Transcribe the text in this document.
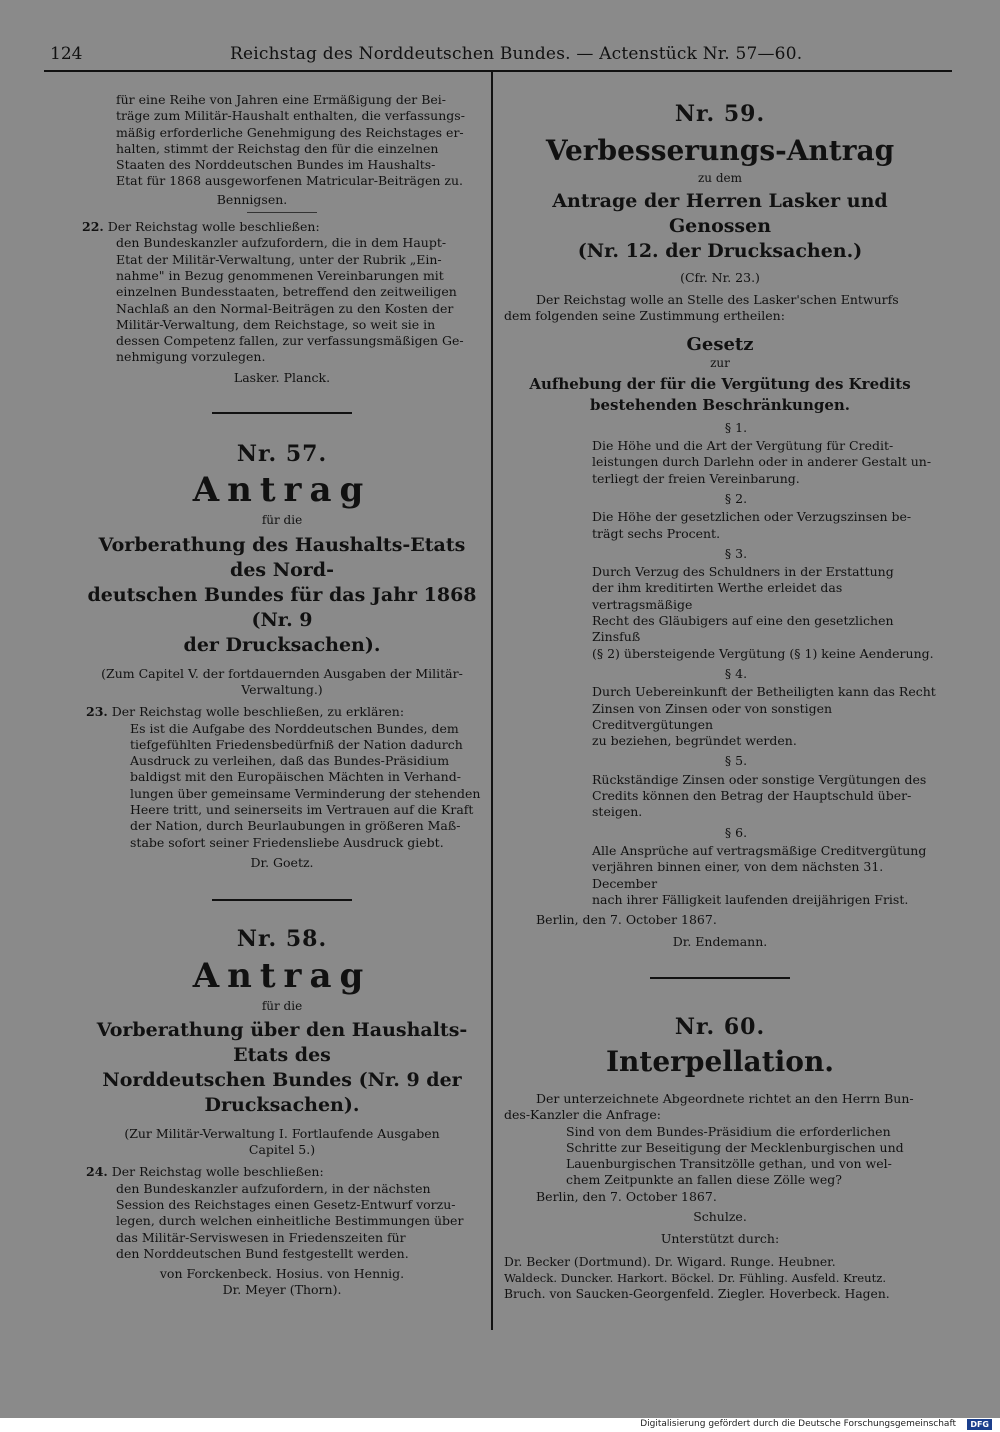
124	Reichstag des Norddeutschen Bundes. — Actenstück Nr. 57—60.

für eine Reihe von Jahren eine Ermäßigung der Bei-

träge zum Militär-Haushalt enthalten, die verfassungs-

mäßig erforderliche Genehmigung des Reichstages er-

halten, stimmt der Reichstag den für die einzelnen

Staaten des Norddeutschen Bundes im Haushalts-

Etat für 1868 ausgeworfenen Matricular-Beiträgen zu.

Bennigsen.

22. Der Reichstag wolle beschließen:

den Bundeskanzler aufzufordern, die in dem Haupt-

Etat der Militär-Verwaltung, unter der Rubrik „Ein-

nahme" in Bezug genommenen Vereinbarungen mit

einzelnen Bundesstaaten, betreffend den zeitweiligen

Nachlaß an den Normal-Beiträgen zu den Kosten der

Militär-Verwaltung, dem Reichstage, so weit sie in

dessen Competenz fallen, zur verfassungsmäßigen Ge-

nehmigung vorzulegen.

Lasker. Planck.

Nr. 57.

Antrag

für die

Vorberathung des Haushalts-Etats des Nord-

deutschen Bundes für das Jahr 1868 (Nr. 9

der Drucksachen).

(Zum Capitel V. der fortdauernden Ausgaben der Militär-

Verwaltung.)

23. Der Reichstag wolle beschließen, zu erklären:

Es ist die Aufgabe des Norddeutschen Bundes, dem

tiefgefühlten Friedensbedürfniß der Nation dadurch

Ausdruck zu verleihen, daß das Bundes-Präsidium

baldigst mit den Europäischen Mächten in Verhand-

lungen über gemeinsame Verminderung der stehenden

Heere tritt, und seinerseits im Vertrauen auf die Kraft

der Nation, durch Beurlaubungen in größeren Maß-

stabe sofort seiner Friedensliebe Ausdruck giebt.

Dr. Goetz.

Nr. 58.

Antrag

für die

Vorberathung über den Haushalts-Etats des

Norddeutschen Bundes (Nr. 9 der Drucksachen).

(Zur Militär-Verwaltung I. Fortlaufende Ausgaben

Capitel 5.)

24. Der Reichstag wolle beschließen:

den Bundeskanzler aufzufordern, in der nächsten

Session des Reichstages einen Gesetz-Entwurf vorzu-

legen, durch welchen einheitliche Bestimmungen über

das Militär-Serviswesen in Friedenszeiten für

den Norddeutschen Bund festgestellt werden.

von Forckenbeck. Hosius. von Hennig.

Dr. Meyer (Thorn).

Nr. 59.

Verbesserungs-Antrag

zu dem

Antrage der Herren Lasker und Genossen

(Nr. 12. der Drucksachen.)

(Cfr. Nr. 23.)

Der Reichstag wolle an Stelle des Lasker'schen Entwurfs

dem folgenden seine Zustimmung ertheilen:

Gesetz

zur

Aufhebung der für die Vergütung des Kredits

bestehenden Beschränkungen.

§ 1.

Die Höhe und die Art der Vergütung für Credit-

leistungen durch Darlehn oder in anderer Gestalt un-

terliegt der freien Vereinbarung.

§ 2.

Die Höhe der gesetzlichen oder Verzugszinsen be-

trägt sechs Procent.

§ 3.

Durch Verzug des Schuldners in der Erstattung

der ihm kreditirten Werthe erleidet das vertragsmäßige

Recht des Gläubigers auf eine den gesetzlichen Zinsfuß

(§ 2) übersteigende Vergütung (§ 1) keine Aenderung.

§ 4.

Durch Uebereinkunft der Betheiligten kann das Recht

Zinsen von Zinsen oder von sonstigen Creditvergütungen

zu beziehen, begründet werden.

§ 5.

Rückständige Zinsen oder sonstige Vergütungen des

Credits können den Betrag der Hauptschuld über-

steigen.

§ 6.

Alle Ansprüche auf vertragsmäßige Creditvergütung

verjähren binnen einer, von dem nächsten 31. December

nach ihrer Fälligkeit laufenden dreijährigen Frist.

Berlin, den 7. October 1867.

Dr. Endemann.

Nr. 60.

Interpellation.

Der unterzeichnete Abgeordnete richtet an den Herrn Bun-

des-Kanzler die Anfrage:

Sind von dem Bundes-Präsidium die erforderlichen

Schritte zur Beseitigung der Mecklenburgischen und

Lauenburgischen Transitzölle gethan, und von wel-

chem Zeitpunkte an fallen diese Zölle weg?

Berlin, den 7. October 1867.

Schulze.

Unterstützt durch:

Dr. Becker (Dortmund). Dr. Wigard. Runge. Heubner.

Waldeck. Duncker. Harkort. Böckel. Dr. Fühling. Ausfeld. Kreutz.

Bruch. von Saucken-Georgenfeld. Ziegler. Hoverbeck. Hagen.

Digitalisierung gefördert durch die Deutsche Forschungsgemeinschaft	DFG
